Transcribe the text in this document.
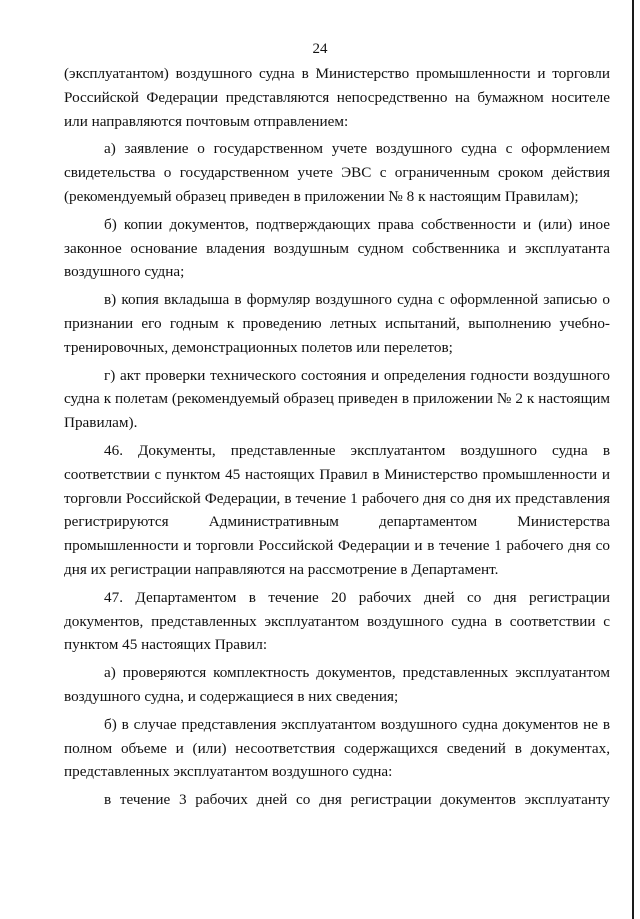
24

(эксплуатантом) воздушного судна в Министерство промышленности и торговли Российской Федерации представляются непосредственно на бумажном носителе или направляются почтовым отправлением:

а) заявление о государственном учете воздушного судна с оформлением свидетельства о государственном учете ЭВС с ограниченным сроком действия (рекомендуемый образец приведен в приложении № 8 к настоящим Правилам);

б) копии документов, подтверждающих права собственности и (или) иное законное основание владения воздушным судном собственника и эксплуатанта воздушного судна;

в) копия вкладыша в формуляр воздушного судна с оформленной записью о признании его годным к проведению летных испытаний, выполнению учебно-тренировочных, демонстрационных полетов или перелетов;

г) акт проверки технического состояния и определения годности воздушного судна к полетам (рекомендуемый образец приведен в приложении № 2 к настоящим Правилам).

46. Документы, представленные эксплуатантом воздушного судна в соответствии с пунктом 45 настоящих Правил в Министерство промышленности и торговли Российской Федерации, в течение 1 рабочего дня со дня их представления регистрируются Административным департаментом Министерства промышленности и торговли Российской Федерации и в течение 1 рабочего дня со дня их регистрации направляются на рассмотрение в Департамент.

47. Департаментом в течение 20 рабочих дней со дня регистрации документов, представленных эксплуатантом воздушного судна в соответствии с пунктом 45 настоящих Правил:

а) проверяются комплектность документов, представленных эксплуатантом воздушного судна, и содержащиеся в них сведения;

б) в случае представления эксплуатантом воздушного судна документов не в полном объеме и (или) несоответствия содержащихся сведений в документах, представленных эксплуатантом воздушного судна:

в течение 3 рабочих дней со дня регистрации документов эксплуатанту
